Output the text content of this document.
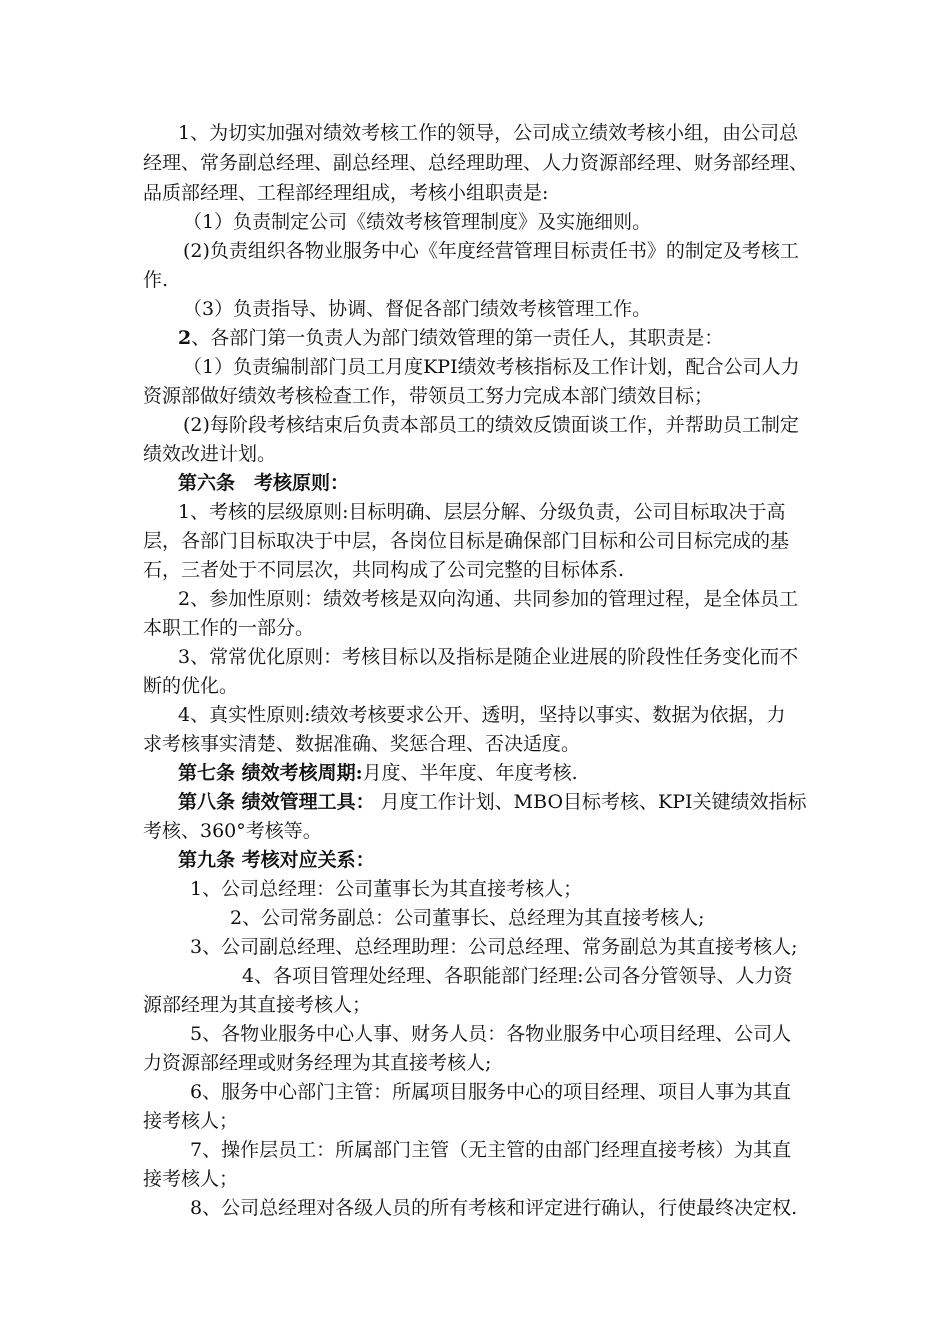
1、为切实加强对绩效考核工作的领导，公司成立绩效考核小组，由公司总
经理、常务副总经理、副总经理、总经理助理、人力资源部经理、财务部经理、
品质部经理、工程部经理组成，考核小组职责是:
（1）负责制定公司《绩效考核管理制度》及实施细则。
(2)负责组织各物业服务中心《年度经营管理目标责任书》的制定及考核工
作.
（3）负责指导、协调、督促各部门绩效考核管理工作。
2、各部门第一负责人为部门绩效管理的第一责任人，其职责是：
（1）负责编制部门员工月度KPI绩效考核指标及工作计划，配合公司人力
资源部做好绩效考核检查工作，带领员工努力完成本部门绩效目标；
(2)每阶段考核结束后负责本部员工的绩效反馈面谈工作，并帮助员工制定
绩效改进计划。
第六条　考核原则：
1、考核的层级原则:目标明确、层层分解、分级负责，公司目标取决于高
层，各部门目标取决于中层，各岗位目标是确保部门目标和公司目标完成的基
石，三者处于不同层次，共同构成了公司完整的目标体系.
2、参加性原则：绩效考核是双向沟通、共同参加的管理过程，是全体员工
本职工作的一部分。
3、常常优化原则：考核目标以及指标是随企业进展的阶段性任务变化而不
断的优化。
4、真实性原则:绩效考核要求公开、透明，坚持以事实、数据为依据，力
求考核事实清楚、数据准确、奖惩合理、否决适度。
第七条 绩效考核周期:月度、半年度、年度考核.
第八条 绩效管理工具： 月度工作计划、MBO目标考核、KPI关键绩效指标
考核、360°考核等。
第九条 考核对应关系：
1、公司总经理：公司董事长为其直接考核人；
2、公司常务副总：公司董事长、总经理为其直接考核人;
3、公司副总经理、总经理助理：公司总经理、常务副总为其直接考核人;
4、各项目管理处经理、各职能部门经理:公司各分管领导、人力资
源部经理为其直接考核人；
5、各物业服务中心人事、财务人员：各物业服务中心项目经理、公司人
力资源部经理或财务经理为其直接考核人;
6、服务中心部门主管：所属项目服务中心的项目经理、项目人事为其直
接考核人；
7、操作层员工：所属部门主管（无主管的由部门经理直接考核）为其直
接考核人；
8、公司总经理对各级人员的所有考核和评定进行确认，行使最终决定权.
